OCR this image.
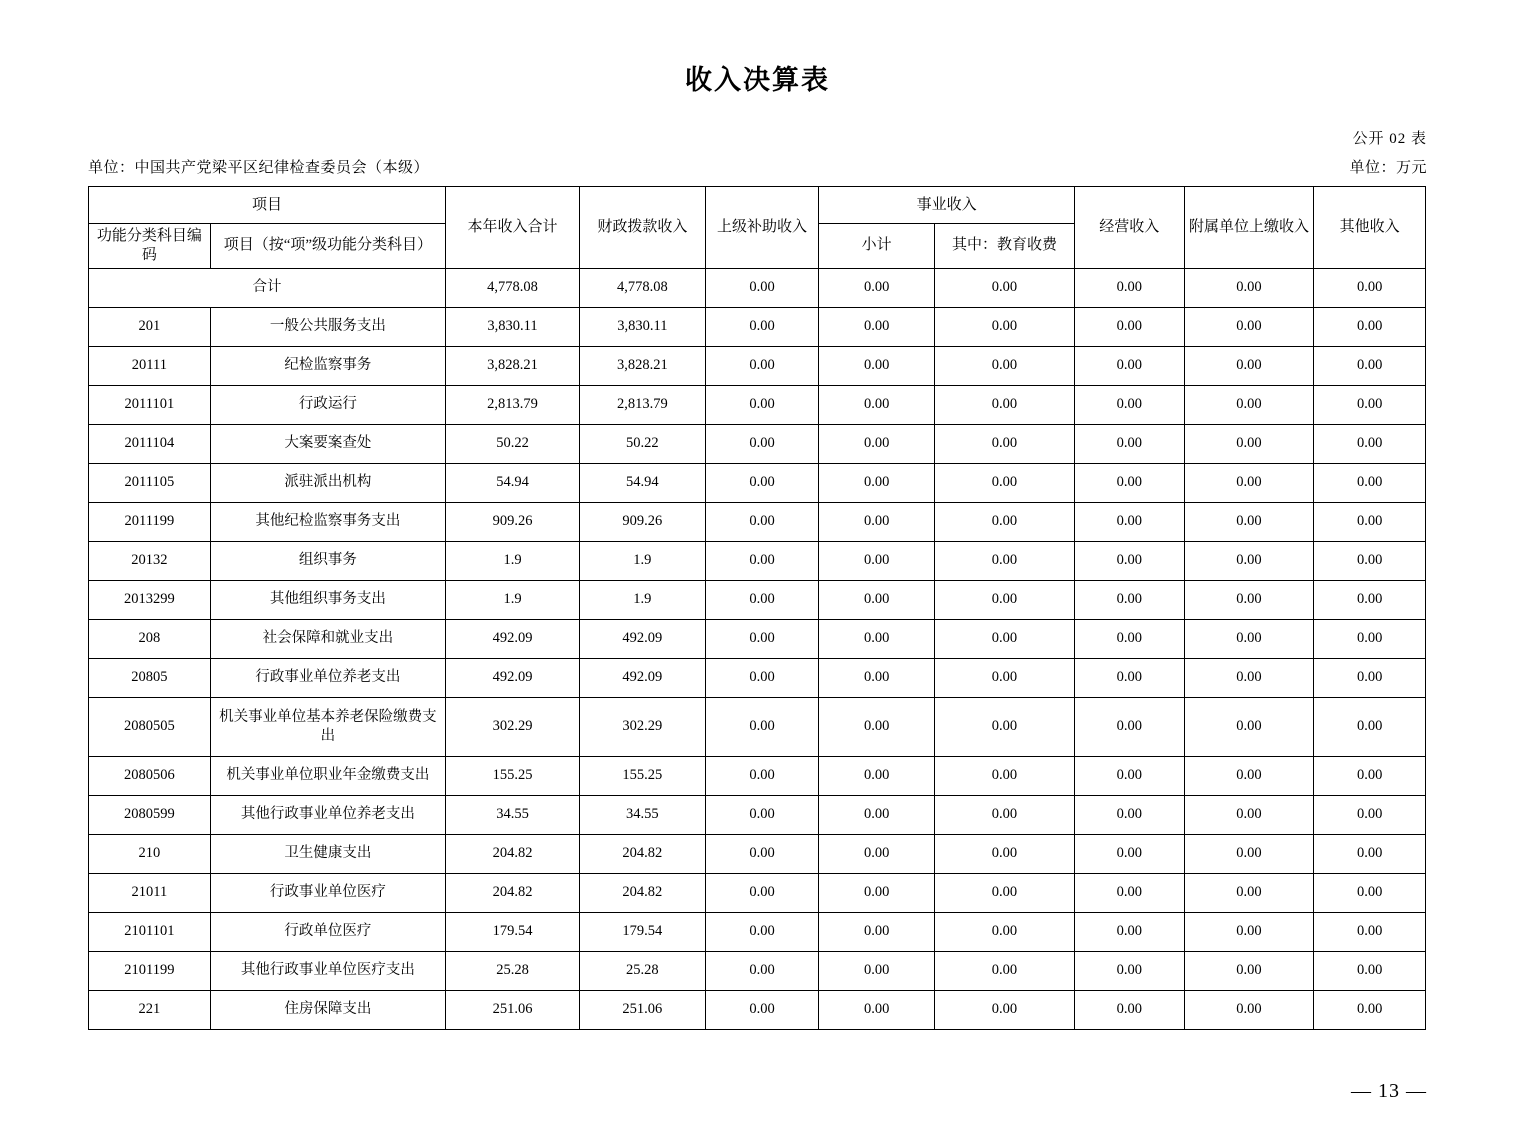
收入决算表
公开 02 表
单位：中国共产党梁平区纪律检查委员会（本级）	单位：万元
项目		本年收入合计	财政拨款收入	上级补助收入	事业收入		经营收入	附属单位上缴收入	其他收入
功能分类科目编码	项目（按“项”级功能分类科目）				小计	其中：教育收费			
合计		4,778.08	4,778.08	0.00	0.00	0.00	0.00	0.00	0.00
201	一般公共服务支出	3,830.11	3,830.11	0.00	0.00	0.00	0.00	0.00	0.00
20111	纪检监察事务	3,828.21	3,828.21	0.00	0.00	0.00	0.00	0.00	0.00
2011101	行政运行	2,813.79	2,813.79	0.00	0.00	0.00	0.00	0.00	0.00
2011104	大案要案查处	50.22	50.22	0.00	0.00	0.00	0.00	0.00	0.00
2011105	派驻派出机构	54.94	54.94	0.00	0.00	0.00	0.00	0.00	0.00
2011199	其他纪检监察事务支出	909.26	909.26	0.00	0.00	0.00	0.00	0.00	0.00
20132	组织事务	1.9	1.9	0.00	0.00	0.00	0.00	0.00	0.00
2013299	其他组织事务支出	1.9	1.9	0.00	0.00	0.00	0.00	0.00	0.00
208	社会保障和就业支出	492.09	492.09	0.00	0.00	0.00	0.00	0.00	0.00
20805	行政事业单位养老支出	492.09	492.09	0.00	0.00	0.00	0.00	0.00	0.00
2080505	机关事业单位基本养老保险缴费支出	302.29	302.29	0.00	0.00	0.00	0.00	0.00	0.00
2080506	机关事业单位职业年金缴费支出	155.25	155.25	0.00	0.00	0.00	0.00	0.00	0.00
2080599	其他行政事业单位养老支出	34.55	34.55	0.00	0.00	0.00	0.00	0.00	0.00
210	卫生健康支出	204.82	204.82	0.00	0.00	0.00	0.00	0.00	0.00
21011	行政事业单位医疗	204.82	204.82	0.00	0.00	0.00	0.00	0.00	0.00
2101101	行政单位医疗	179.54	179.54	0.00	0.00	0.00	0.00	0.00	0.00
2101199	其他行政事业单位医疗支出	25.28	25.28	0.00	0.00	0.00	0.00	0.00	0.00
221	住房保障支出	251.06	251.06	0.00	0.00	0.00	0.00	0.00	0.00
— 13 —
